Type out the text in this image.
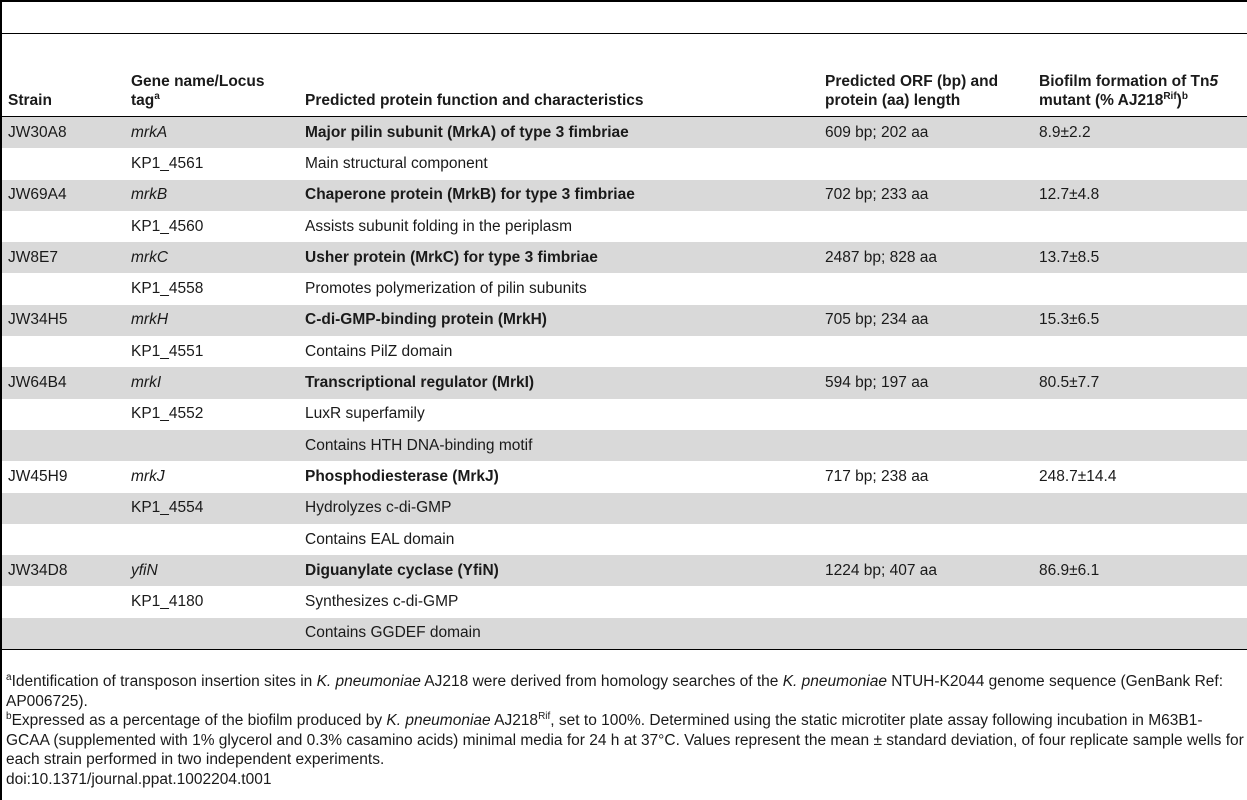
Strain	Gene name/Locus tag$^a$	Predicted protein function and characteristics	Predicted ORF (bp) and protein (aa) length	Biofilm formation of Tn5 mutant (% $AJ218^{Rif})^b$
JW30A8	mrkA	Major pilin subunit (MrkA) of type 3 fimbriae	609 bp; 202 aa	8.9±2.2
	KP1_4561	Main structural component		
JW69A4	mrkB	Chaperone protein (MrkB) for type 3 fimbriae	702 bp; 233 aa	12.7±4.8
	KP1_4560	Assists subunit folding in the periplasm		
JW8E7	mrkC	Usher protein (MrkC) for type 3 fimbriae	2487 bp; 828 aa	13.7±8.5
	KP1_4558	Promotes polymerization of pilin subunits		
JW34H5	mrkH	C-di-GMP-binding protein (MrkH)	705 bp; 234 aa	15.3±6.5
	KP1_4551	Contains PilZ domain		
JW64B4	mrkI	Transcriptional regulator (MrkI)	594 bp; 197 aa	80.5±7.7
	KP1_4552	LuxR superfamily		
		Contains HTH DNA-binding motif		
JW45H9	mrkJ	Phosphodiesterase (MrkJ)	717 bp; 238 aa	248.7±14.4
	KP1_4554	Hydrolyzes c-di-GMP		
		Contains EAL domain		
JW34D8	yfiN	Diguanylate cyclase (YfiN)	1224 bp; 407 aa	86.9±6.1
	KP1_4180	Synthesizes c-di-GMP		
		Contains GGDEF domain		

$^a$Identification of transposon insertion sites in K. pneumoniae AJ218 were derived from homology searches of the K. pneumoniae NTUH-K2044 genome sequence (GenBank Ref: AP006725).

$^b$Expressed as a percentage of the biofilm produced by K. pneumoniae $AJ218^{Rif}$, set to 100%. Determined using the static microtiter plate assay following incubation in M63B1-GCAA (supplemented with 1% glycerol and 0.3% casamino acids) minimal media for 24 h at 37°C. Values represent the mean ± standard deviation, of four replicate sample wells for each strain performed in two independent experiments.

doi:10.1371/journal.ppat.1002204.t001
